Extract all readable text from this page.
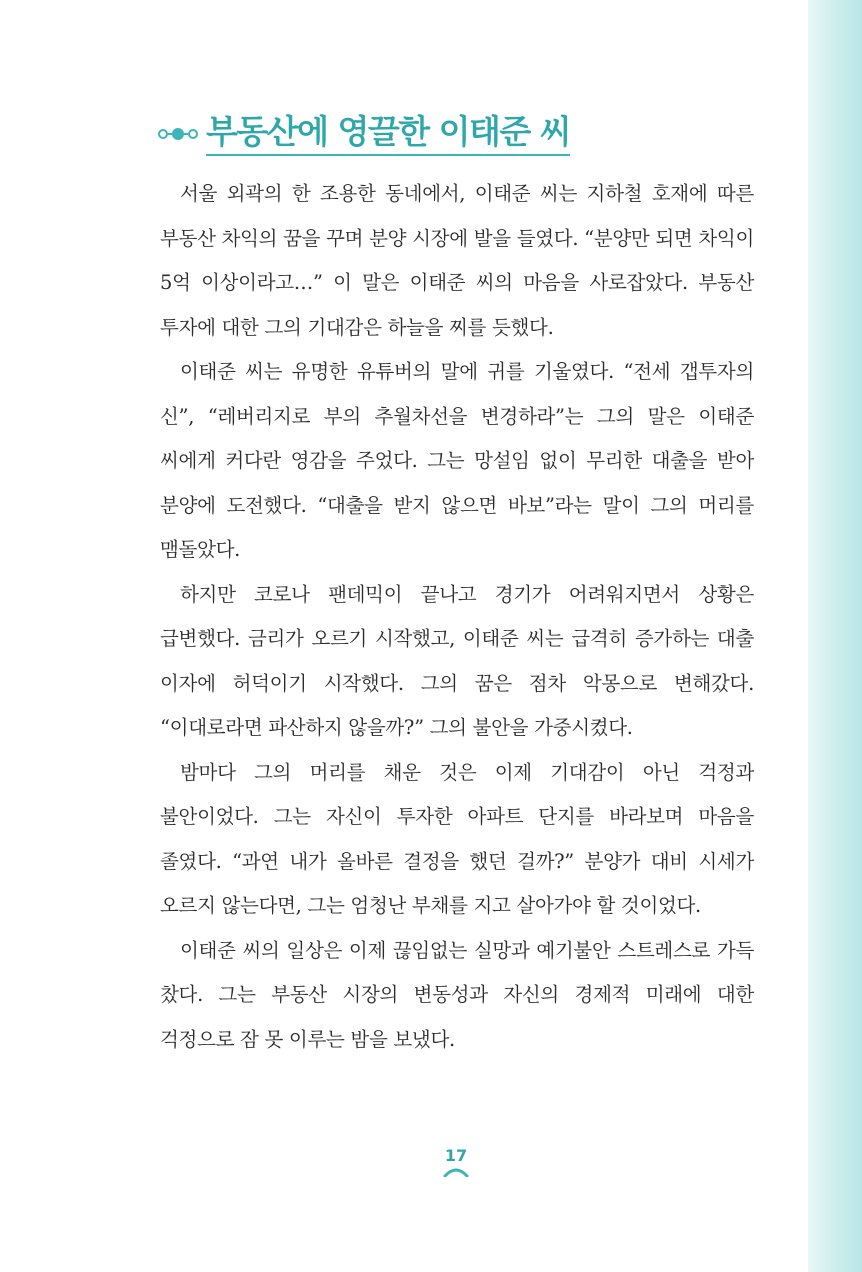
부동산에 영끌한 이태준 씨

서울 외곽의 한 조용한 동네에서, 이태준 씨는 지하철 호재에 따른 부동산 차익의 꿈을 꾸며 분양 시장에 발을 들였다. “분양만 되면 차익이 5억 이상이라고…” 이 말은 이태준 씨의 마음을 사로잡았다. 부동산 투자에 대한 그의 기대감은 하늘을 찌를 듯했다.

이태준 씨는 유명한 유튜버의 말에 귀를 기울였다. “전세 갭투자의 신”, “레버리지로 부의 추월차선을 변경하라”는 그의 말은 이태준 씨에게 커다란 영감을 주었다. 그는 망설임 없이 무리한 대출을 받아 분양에 도전했다. “대출을 받지 않으면 바보”라는 말이 그의 머리를 맴돌았다.

하지만 코로나 팬데믹이 끝나고 경기가 어려워지면서 상황은 급변했다. 금리가 오르기 시작했고, 이태준 씨는 급격히 증가하는 대출 이자에 허덕이기 시작했다. 그의 꿈은 점차 악몽으로 변해갔다. “이대로라면 파산하지 않을까?” 그의 불안을 가중시켰다.

밤마다 그의 머리를 채운 것은 이제 기대감이 아닌 걱정과 불안이었다. 그는 자신이 투자한 아파트 단지를 바라보며 마음을 졸였다. “과연 내가 올바른 결정을 했던 걸까?” 분양가 대비 시세가 오르지 않는다면, 그는 엄청난 부채를 지고 살아가야 할 것이었다.

이태준 씨의 일상은 이제 끊임없는 실망과 예기불안 스트레스로 가득 찼다. 그는 부동산 시장의 변동성과 자신의 경제적 미래에 대한 걱정으로 잠 못 이루는 밤을 보냈다.

17
